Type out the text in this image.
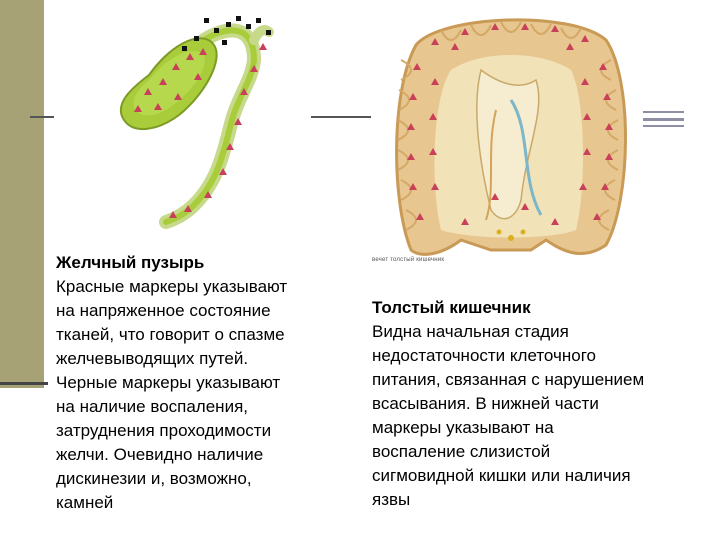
вечет толстый кишечник
Желчный пузырь
Красные маркеры указывают
на напряженное состояние
тканей, что говорит о спазме
желчевыводящих путей.
Черные маркеры указывают
на наличие воспаления,
затруднения проходимости
желчи. Очевидно наличие
дискинезии и, возможно,
камней
Толстый кишечник
Видна начальная стадия
недостаточности клеточного
питания, связанная с нарушением
всасывания. В нижней части
маркеры указывают на
воспаление слизистой
сигмовидной кишки или наличия
язвы
